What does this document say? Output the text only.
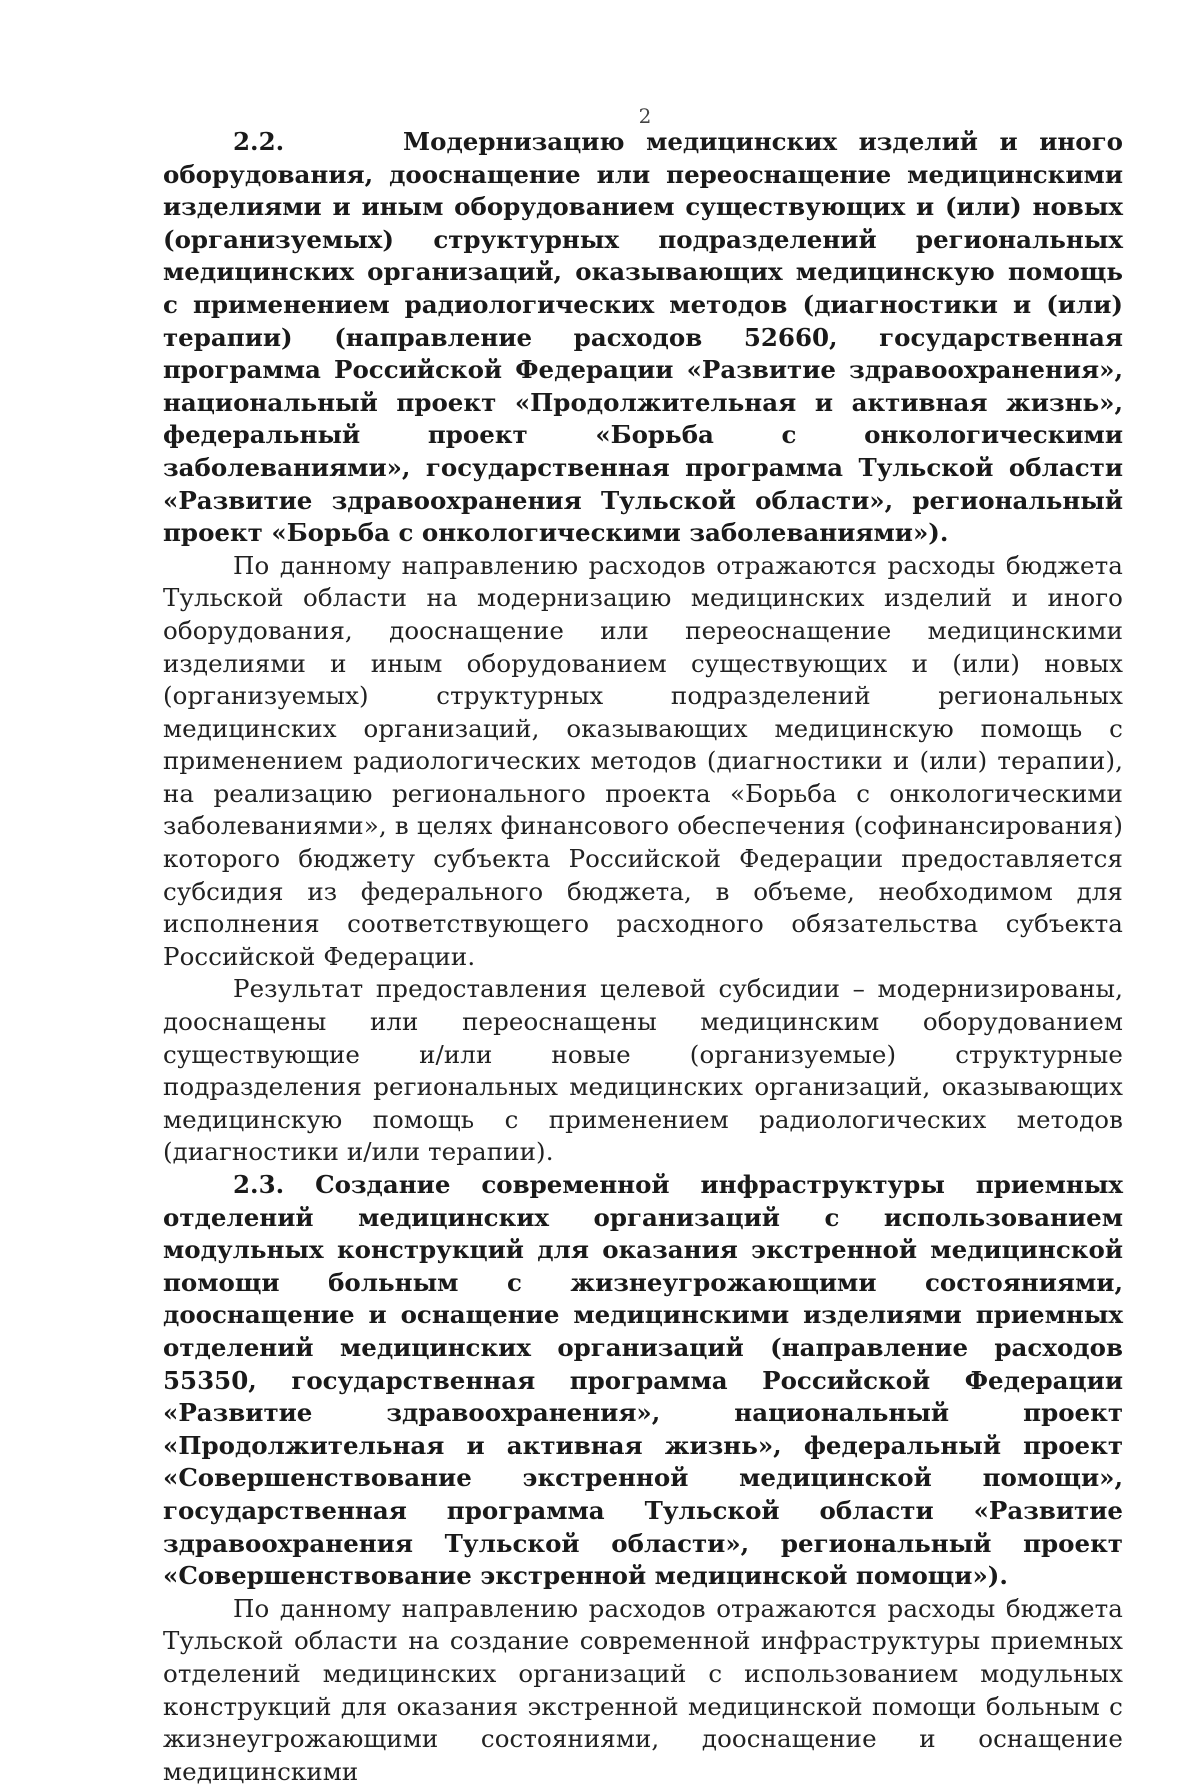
2

2.2.	Модернизацию медицинских изделий и иного оборудования, дооснащение или переоснащение медицинскими изделиями и иным оборудованием существующих и (или) новых (организуемых) структурных подразделений региональных медицинских организаций, оказывающих медицинскую помощь с применением радиологических методов (диагностики и (или) терапии) (направление расходов 52660, государственная программа Российской Федерации «Развитие здравоохранения», национальный проект «Продолжительная и активная жизнь», федеральный проект «Борьба с онкологическими заболеваниями», государственная программа Тульской области «Развитие здравоохранения Тульской области», региональный проект «Борьба с онкологическими заболеваниями»).

По данному направлению расходов отражаются расходы бюджета Тульской области на модернизацию медицинских изделий и иного оборудования, дооснащение или переоснащение медицинскими изделиями и иным оборудованием существующих и (или) новых (организуемых) структурных подразделений региональных медицинских организаций, оказывающих медицинскую помощь с применением радиологических методов (диагностики и (или) терапии), на реализацию регионального проекта «Борьба с онкологическими заболеваниями», в целях финансового обеспечения (софинансирования) которого бюджету субъекта Российской Федерации предоставляется субсидия из федерального бюджета, в объеме, необходимом для исполнения соответствующего расходного обязательства субъекта Российской Федерации.

Результат предоставления целевой субсидии – модернизированы, дооснащены или переоснащены медицинским оборудованием существующие и/или новые (организуемые) структурные подразделения региональных медицинских организаций, оказывающих медицинскую помощь с применением радиологических методов (диагностики и/или терапии).

2.3. Создание современной инфраструктуры приемных отделений медицинских организаций с использованием модульных конструкций для оказания экстренной медицинской помощи больным с жизнеугрожающими состояниями, дооснащение и оснащение медицинскими изделиями приемных отделений медицинских организаций (направление расходов 55350, государственная программа Российской Федерации «Развитие здравоохранения», национальный проект «Продолжительная и активная жизнь», федеральный проект «Совершенствование экстренной медицинской помощи», государственная программа Тульской области «Развитие здравоохранения Тульской области», региональный проект «Совершенствование экстренной медицинской помощи»).

По данному направлению расходов отражаются расходы бюджета Тульской области на создание современной инфраструктуры приемных отделений медицинских организаций с использованием модульных конструкций для оказания экстренной медицинской помощи больным с жизнеугрожающими состояниями, дооснащение и оснащение медицинскими
